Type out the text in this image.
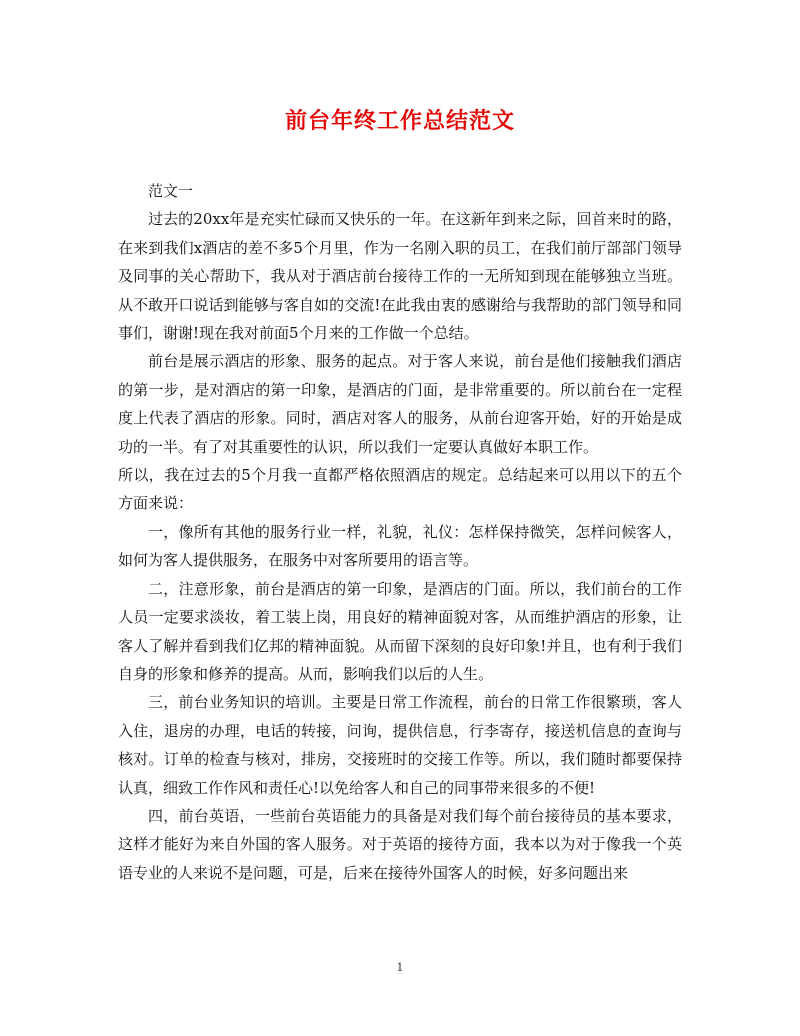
前台年终工作总结范文

范文一

过去的20xx年是充实忙碌而又快乐的一年。在这新年到来之际，回首来时的路，在来到我们x酒店的差不多5个月里，作为一名刚入职的员工，在我们前厅部部门领导及同事的关心帮助下，我从对于酒店前台接待工作的一无所知到现在能够独立当班。从不敢开口说话到能够与客自如的交流!在此我由衷的感谢给与我帮助的部门领导和同事们，谢谢!现在我对前面5个月来的工作做一个总结。

前台是展示酒店的形象、服务的起点。对于客人来说，前台是他们接触我们酒店的第一步，是对酒店的第一印象，是酒店的门面，是非常重要的。所以前台在一定程度上代表了酒店的形象。同时，酒店对客人的服务，从前台迎客开始，好的开始是成功的一半。有了对其重要性的认识，所以我们一定要认真做好本职工作。

所以，我在过去的5个月我一直都严格依照酒店的规定。总结起来可以用以下的五个方面来说：

一，像所有其他的服务行业一样，礼貌，礼仪：怎样保持微笑，怎样问候客人，如何为客人提供服务，在服务中对客所要用的语言等。

二，注意形象，前台是酒店的第一印象，是酒店的门面。所以，我们前台的工作人员一定要求淡妆，着工装上岗，用良好的精神面貌对客，从而维护酒店的形象，让客人了解并看到我们亿邦的精神面貌。从而留下深刻的良好印象!并且，也有利于我们自身的形象和修养的提高。从而，影响我们以后的人生。

三，前台业务知识的培训。主要是日常工作流程，前台的日常工作很繁琐，客人入住，退房的办理，电话的转接，问询，提供信息，行李寄存，接送机信息的查询与核对。订单的检查与核对，排房，交接班时的交接工作等。所以，我们随时都要保持认真，细致工作作风和责任心!以免给客人和自己的同事带来很多的不便!

四，前台英语，一些前台英语能力的具备是对我们每个前台接待员的基本要求，这样才能好为来自外国的客人服务。对于英语的接待方面，我本以为对于像我一个英语专业的人来说不是问题，可是，后来在接待外国客人的时候，好多问题出来

1
